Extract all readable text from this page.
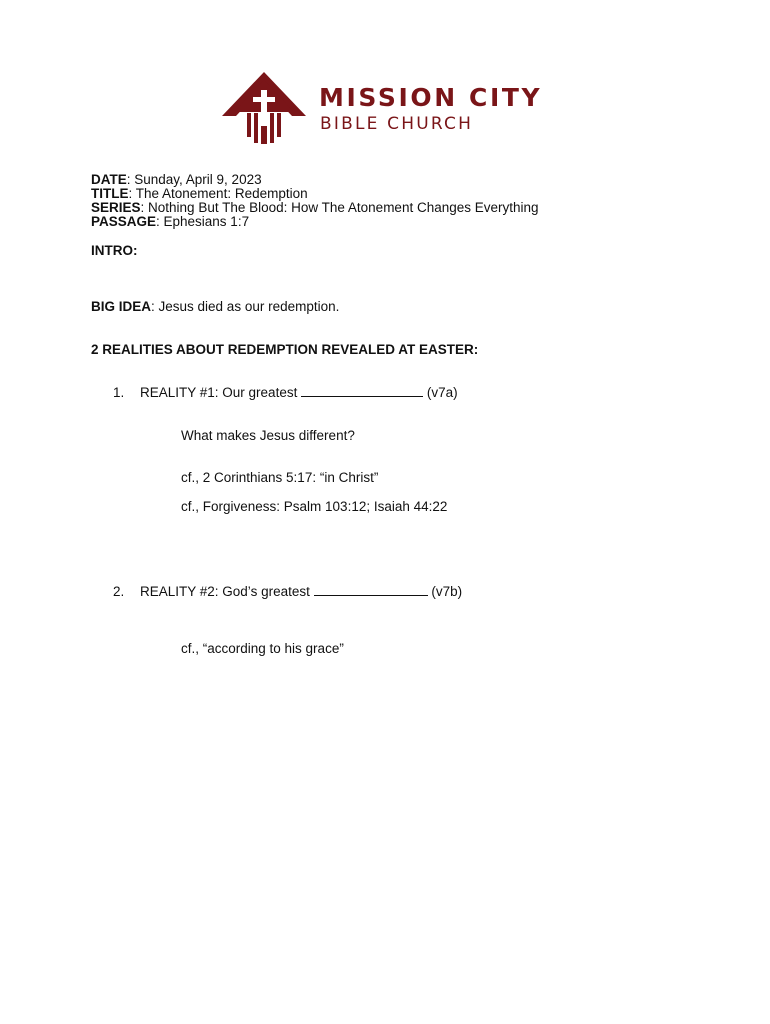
MISSION CITY
BIBLE CHURCH
DATE: Sunday, April 9, 2023
TITLE: The Atonement: Redemption
SERIES: Nothing But The Blood: How The Atonement Changes Everything
PASSAGE: Ephesians 1:7
INTRO:
BIG IDEA: Jesus died as our redemption.
2 REALITIES ABOUT REDEMPTION REVEALED AT EASTER:
1. REALITY #1: Our greatest	(v7a)
What makes Jesus different?
cf., 2 Corinthians 5:17: “in Christ”
cf., Forgiveness: Psalm 103:12; Isaiah 44:22
2. REALITY #2: God’s greatest	(v7b)
cf., “according to his grace”
